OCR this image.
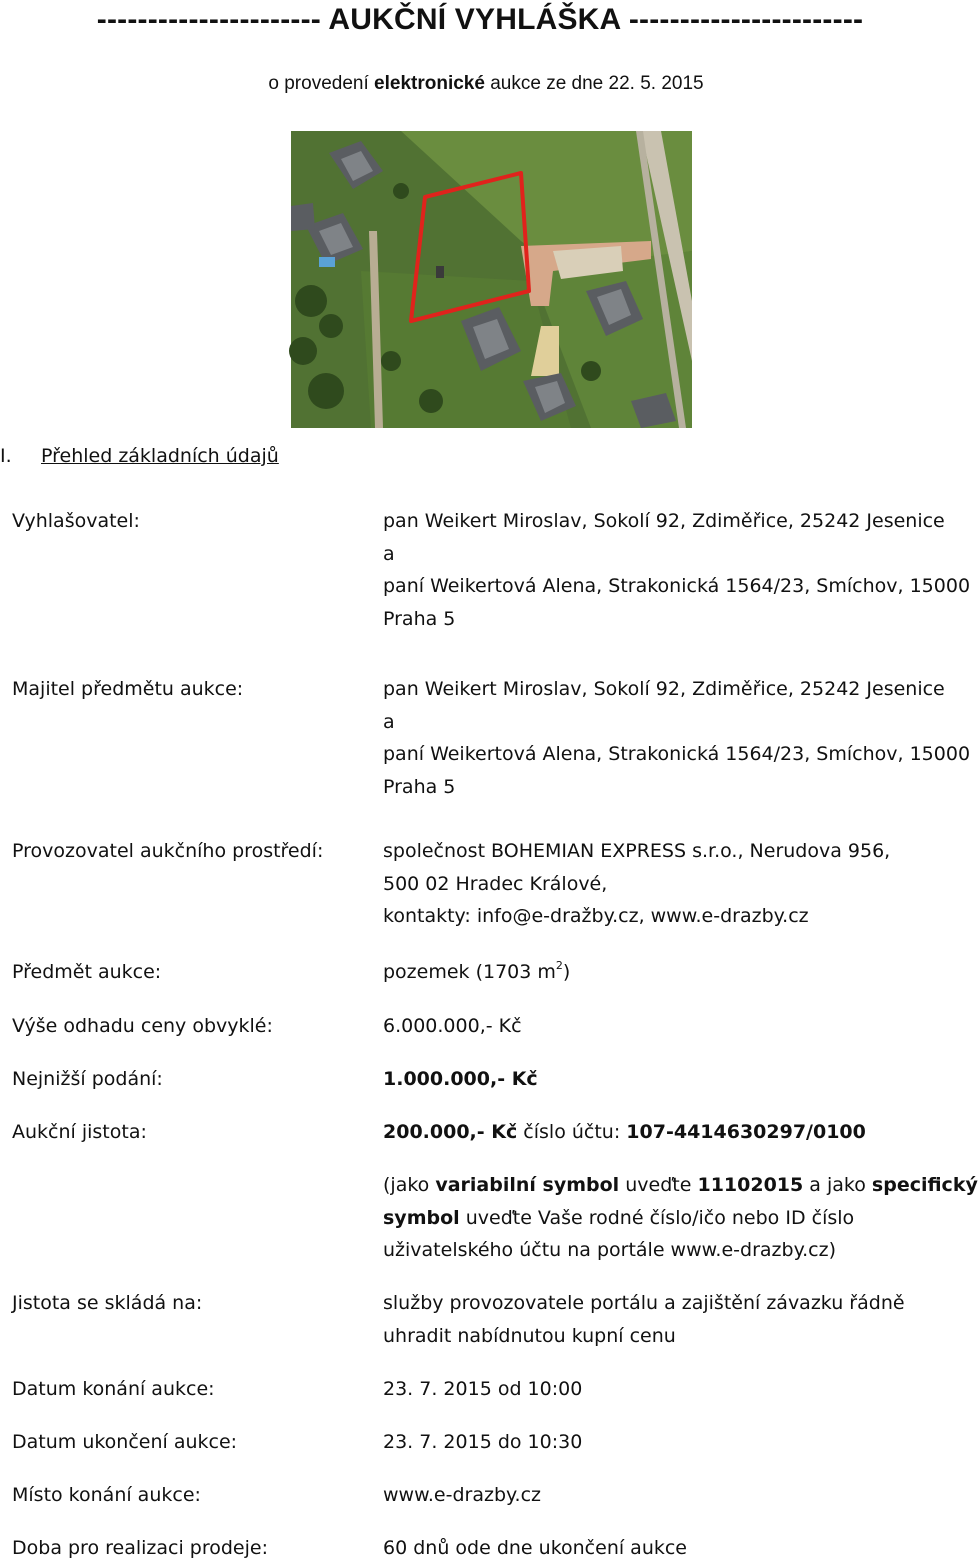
---------------------- AUKČNÍ VYHLÁŠKA -----------------------
o provedení elektronické aukce ze dne 22. 5. 2015
I. Přehled základních údajů
Vyhlašovatel:	pan Weikert Miroslav, Sokolí 92, Zdiměřice, 25242 Jesenice
a
paní Weikertová Alena, Strakonická 1564/23, Smíchov, 15000
Praha 5
Majitel předmětu aukce:	pan Weikert Miroslav, Sokolí 92, Zdiměřice, 25242 Jesenice
a
paní Weikertová Alena, Strakonická 1564/23, Smíchov, 15000
Praha 5
Provozovatel aukčního prostředí:	společnost BOHEMIAN EXPRESS s.r.o., Nerudova 956,
500 02 Hradec Králové,
kontakty: info@e-dražby.cz, www.e-drazby.cz
Předmět aukce:	pozemek (1703 $m^2$)
Výše odhadu ceny obvyklé:	6.000.000,- Kč
Nejnižší podání:	1.000.000,- Kč
Aukční jistota:	200.000,- Kč číslo účtu: 107-4414630297/0100
(jako variabilní symbol uveďte 11102015 a jako specifický
symbol uveďte Vaše rodné číslo/ičo nebo ID číslo
uživatelského účtu na portále www.e-drazby.cz)
Jistota se skládá na:	služby provozovatele portálu a zajištění závazku řádně
uhradit nabídnutou kupní cenu
Datum konání aukce:	23. 7. 2015 od 10:00
Datum ukončení aukce:	23. 7. 2015 do 10:30
Místo konání aukce:	www.e-drazby.cz
Doba pro realizaci prodeje:	60 dnů ode dne ukončení aukce
